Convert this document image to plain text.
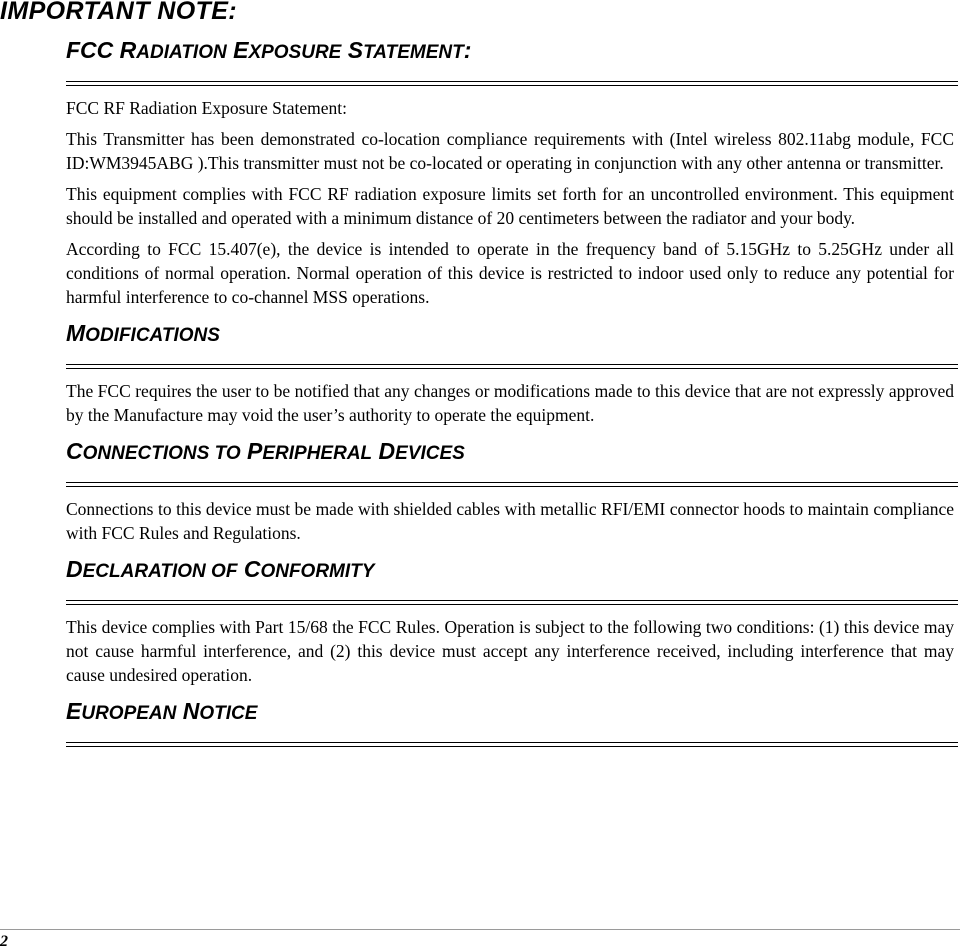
IMPORTANT NOTE:
FCC RADIATION EXPOSURE STATEMENT:

FCC RF Radiation Exposure Statement:

This Transmitter has been demonstrated co-location compliance requirements with (Intel wireless 802.11abg module, FCC ID:WM3945ABG ).This transmitter must not be co-located or operating in conjunction with any other antenna or transmitter.

This equipment complies with FCC RF radiation exposure limits set forth for an uncontrolled environment. This equipment should be installed and operated with a minimum distance of 20 centimeters between the radiator and your body.

According to FCC 15.407(e), the device is intended to operate in the frequency band of 5.15GHz to 5.25GHz under all conditions of normal operation. Normal operation of this device is restricted to indoor used only to reduce any potential for harmful interference to co-channel MSS operations.

MODIFICATIONS

The FCC requires the user to be notified that any changes or modifications made to this device that are not expressly approved by the Manufacture may void the user’s authority to operate the equipment.

CONNECTIONS TO PERIPHERAL DEVICES

Connections to this device must be made with shielded cables with metallic RFI/EMI connector hoods to maintain compliance with FCC Rules and Regulations.

DECLARATION OF CONFORMITY

This device complies with Part 15/68 the FCC Rules. Operation is subject to the following two conditions: (1) this device may not cause harmful interference, and (2) this device must accept any interference received, including interference that may cause undesired operation.

EUROPEAN NOTICE
2
